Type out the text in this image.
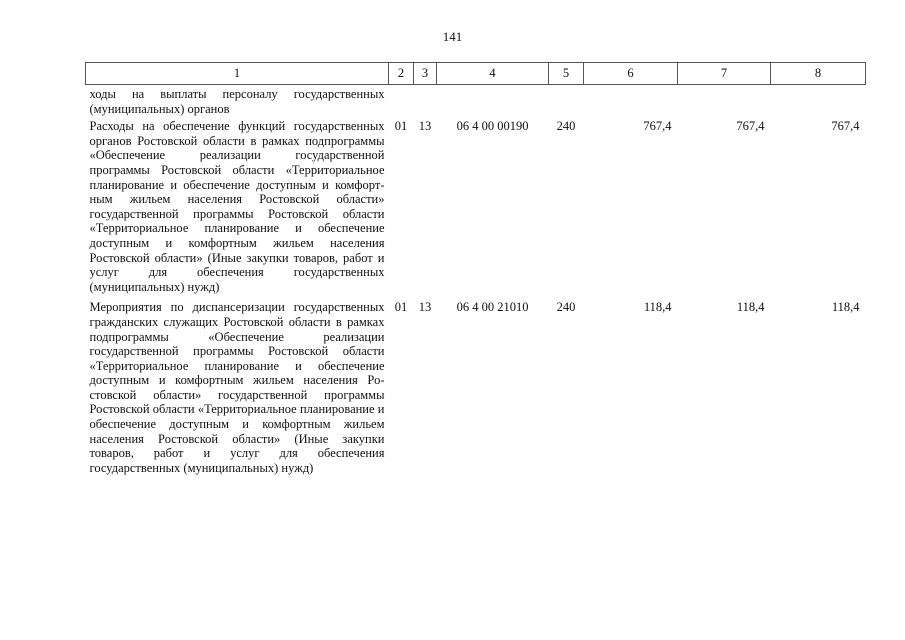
141
1	2	3	4	5	6	7	8
ходы на выплаты персоналу государственных (муниципальных) органов							
Расходы на обеспечение функций государственных органов Ростовской области в рамках подпрограммы «Обеспечение реализации государственной программы Ростовской области «Территориальное планирование и обеспечение доступным и комфортным жильем населения Ростовской области» государственной программы Ростовской области «Территориальное планирование и обеспечение доступным и комфортным жильем населения Ростовской области» (Иные закупки товаров, работ и услуг для обеспечения государственных (муниципальных) нужд)	01	13	06 4 00 00190	240	767,4	767,4	767,4
Мероприятия по диспансеризации государственных гражданских служащих Ростовской области в рамках подпрограммы «Обеспечение реализации государственной программы Ростовской области «Территориальное планирование и обеспечение доступным и комфортным жильем населения Ростовской области» государственной программы Ростовской области «Территориальное планирование и обеспечение доступным и комфортным жильем населения Ростовской области» (Иные закупки товаров, работ и услуг для обеспечения государственных (муниципальных) нужд)	01	13	06 4 00 21010	240	118,4	118,4	118,4
